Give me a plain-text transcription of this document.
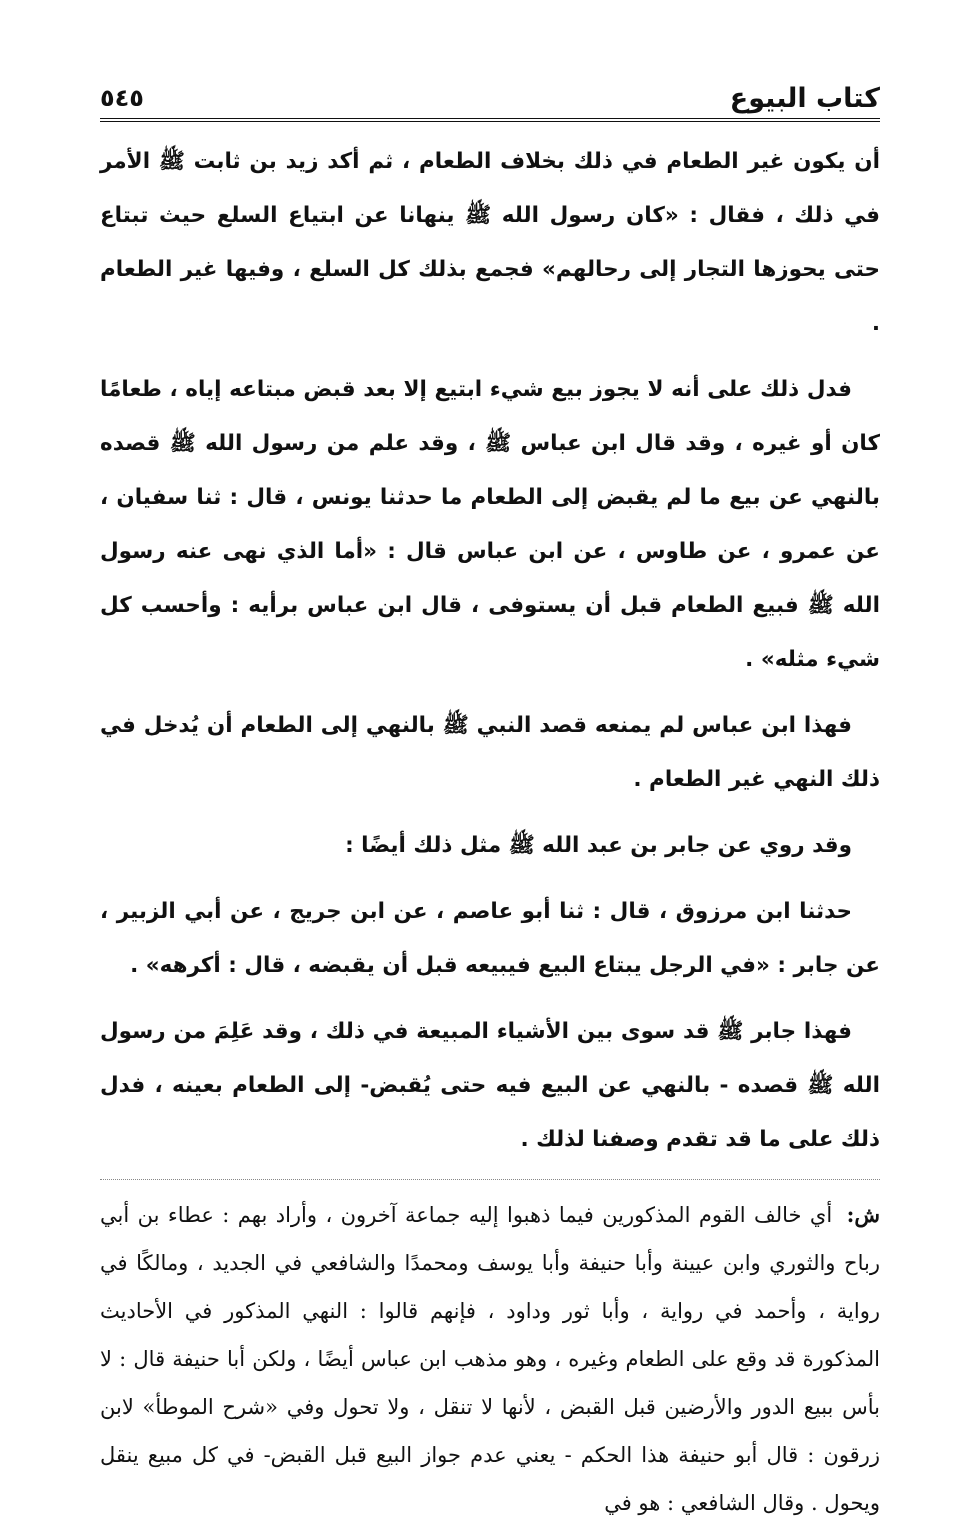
كتاب البيوع
٥٤٥

أن يكون غير الطعام في ذلك بخلاف الطعام ، ثم أكد زيد بن ثابت ﷺ الأمر في ذلك ، فقال : «كان رسول الله ﷺ ينهانا عن ابتياع السلع حيث تبتاع حتى يحوزها التجار إلى رحالهم» فجمع بذلك كل السلع ، وفيها غير الطعام .

فدل ذلك على أنه لا يجوز بيع شيء ابتيع إلا بعد قبض مبتاعه إياه ، طعامًا كان أو غيره ، وقد قال ابن عباس ﷺ ، وقد علم من رسول الله ﷺ قصده بالنهي عن بيع ما لم يقبض إلى الطعام ما حدثنا يونس ، قال : ثنا سفيان ، عن عمرو ، عن طاوس ، عن ابن عباس قال : «أما الذي نهى عنه رسول الله ﷺ فبيع الطعام قبل أن يستوفى ، قال ابن عباس برأيه : وأحسب كل شيء مثله» .

فهذا ابن عباس لم يمنعه قصد النبي ﷺ بالنهي إلى الطعام أن يُدخل في ذلك النهي غير الطعام .

وقد روي عن جابر بن عبد الله ﷺ مثل ذلك أيضًا :

حدثنا ابن مرزوق ، قال : ثنا أبو عاصم ، عن ابن جريج ، عن أبي الزبير ، عن جابر : «في الرجل يبتاع البيع فيبيعه قبل أن يقبضه ، قال : أكرهه» .

فهذا جابر ﷺ قد سوى بين الأشياء المبيعة في ذلك ، وقد عَلِمَ من رسول الله ﷺ قصده - بالنهي عن البيع فيه حتى يُقبض- إلى الطعام بعينه ، فدل ذلك على ما قد تقدم وصفنا لذلك .

ش: أي خالف القوم المذكورين فيما ذهبوا إليه جماعة آخرون ، وأراد بهم : عطاء بن أبي رباح والثوري وابن عيينة وأبا حنيفة وأبا يوسف ومحمدًا والشافعي في الجديد ، ومالكًا في رواية ، وأحمد في رواية ، وأبا ثور وداود ، فإنهم قالوا : النهي المذكور في الأحاديث المذكورة قد وقع على الطعام وغيره ، وهو مذهب ابن عباس أيضًا ، ولكن أبا حنيفة قال : لا بأس ببيع الدور والأرضين قبل القبض ، لأنها لا تنقل ، ولا تحول وفي «شرح الموطأ» لابن زرقون : قال أبو حنيفة هذا الحكم - يعني عدم جواز البيع قبل القبض- في كل مبيع ينقل ويحول . وقال الشافعي : هو في
